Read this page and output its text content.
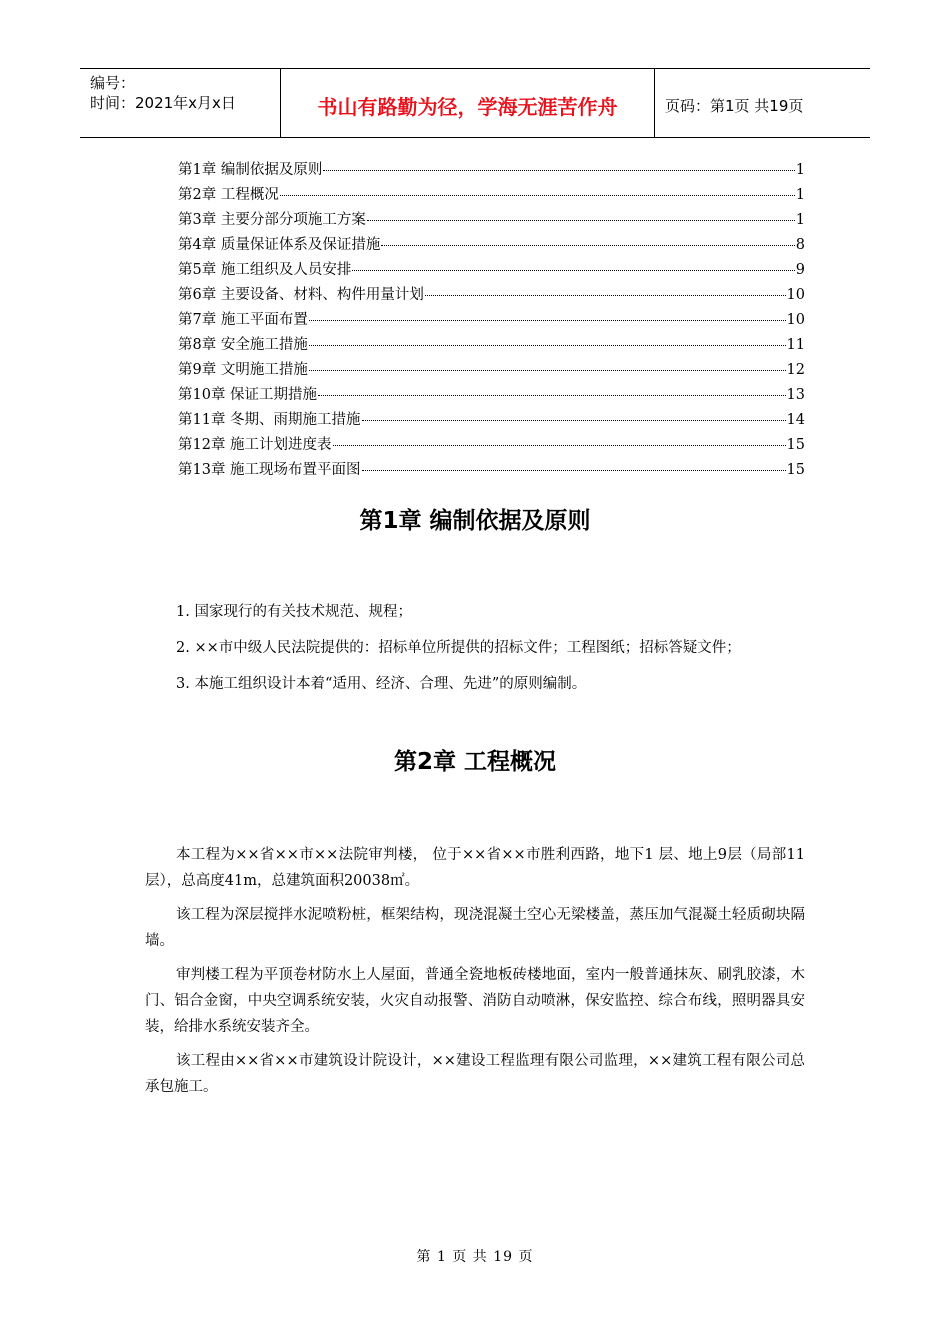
编号：
时间：2021年x月x日	书山有路勤为径，学海无涯苦作舟	页码：第1页 共19页
第1章 编制依据及原则	1
第2章 工程概况	1
第3章 主要分部分项施工方案	1
第4章 质量保证体系及保证措施	8
第5章 施工组织及人员安排	9
第6章 主要设备、材料、构件用量计划	10
第7章 施工平面布置	10
第8章 安全施工措施	11
第9章 文明施工措施	12
第10章 保证工期措施	13
第11章 冬期、雨期施工措施	14
第12章 施工计划进度表	15
第13章 施工现场布置平面图	15
第1章 编制依据及原则
1. 国家现行的有关技术规范、规程；
2. ××市中级人民法院提供的：招标单位所提供的招标文件；工程图纸；招标答疑文件；
3. 本施工组织设计本着“适用、经济、合理、先进”的原则编制。
第2章 工程概况

本工程为××省××市××法院审判楼， 位于××省××市胜利西路，地下1 层、地上9层（局部11 层），总高度41m，总建筑面积20038㎡。

该工程为深层搅拌水泥喷粉桩，框架结构，现浇混凝土空心无梁楼盖，蒸压加气混凝土轻质砌块隔墙。

审判楼工程为平顶卷材防水上人屋面，普通全瓷地板砖楼地面，室内一般普通抹灰、刷乳胶漆，木门、铝合金窗，中央空调系统安装，火灾自动报警、消防自动喷淋，保安监控、综合布线，照明器具安装，给排水系统安装齐全。

该工程由××省××市建筑设计院设计，××建设工程监理有限公司监理，××建筑工程有限公司总承包施工。

第 1 页 共 19 页
